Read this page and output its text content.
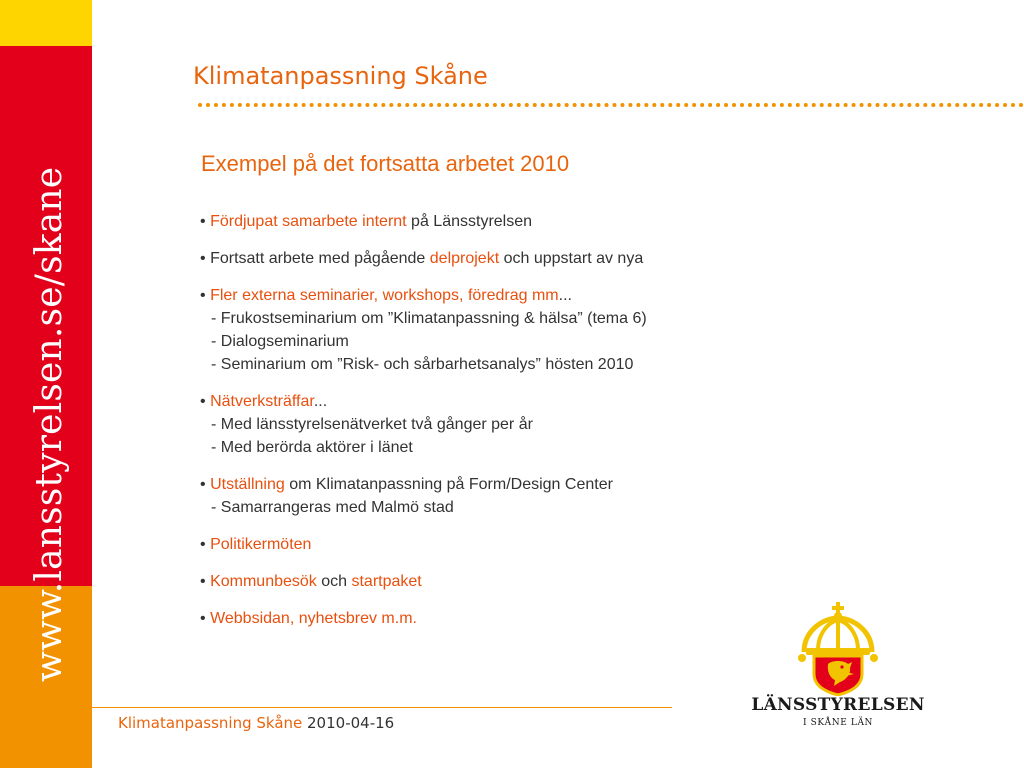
www.lansstyrelsen.se/skane
Klimatanpassning Skåne
Exempel på det fortsatta arbetet 2010
• Fördjupat samarbete internt på Länsstyrelsen
• Fortsatt arbete med pågående delprojekt och uppstart av nya
• Fler externa seminarier, workshops, föredrag mm...
- Frukostseminarium om ”Klimatanpassning & hälsa” (tema 6)
- Dialogseminarium
- Seminarium om ”Risk- och sårbarhetsanalys” hösten 2010
• Nätverksträffar...
- Med länsstyrelsenätverket två gånger per år
- Med berörda aktörer i länet
• Utställning om Klimatanpassning på Form/Design Center
- Samarrangeras med Malmö stad
• Politikermöten
• Kommunbesök och startpaket
• Webbsidan, nyhetsbrev m.m.
Klimatanpassning Skåne 2010-04-16
LÄNSSTYRELSEN
I SKÅNE LÄN
